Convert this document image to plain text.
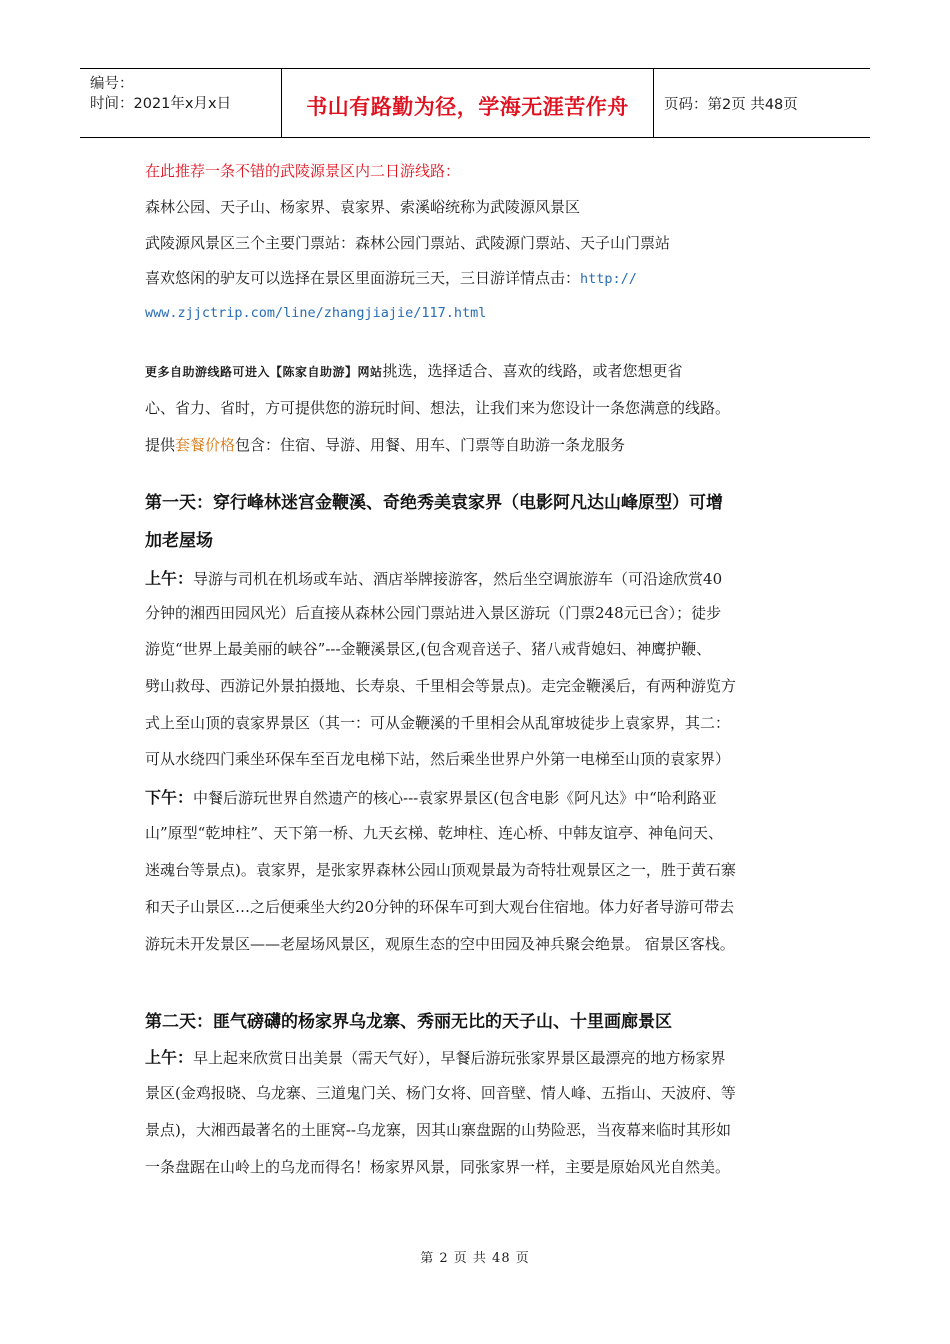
编号：
时间：2021年x月x日	书山有路勤为径，学海无涯苦作舟	页码：第2页 共48页
在此推荐一条不错的武陵源景区内二日游线路：
森林公园、天子山、杨家界、袁家界、索溪峪统称为武陵源风景区
武陵源风景区三个主要门票站：森林公园门票站、武陵源门票站、天子山门票站
喜欢悠闲的驴友可以选择在景区里面游玩三天，三日游详情点击：http://
www.zjjctrip.com/line/zhangjiajie/117.html
更多自助游线路可进入【陈家自助游】网站挑选，选择适合、喜欢的线路，或者您想更省
心、省力、省时，方可提供您的游玩时间、想法，让我们来为您设计一条您满意的线路。
提供套餐价格包含：住宿、导游、用餐、用车、门票等自助游一条龙服务
第一天：穿行峰林迷宫金鞭溪、奇绝秀美袁家界（电影阿凡达山峰原型）可增
加老屋场
上午：导游与司机在机场或车站、酒店举牌接游客，然后坐空调旅游车（可沿途欣赏40
分钟的湘西田园风光）后直接从森林公园门票站进入景区游玩（门票248元已含）；徒步
游览“世界上最美丽的峡谷”---金鞭溪景区,(包含观音送子、猪八戒背媳妇、神鹰护鞭、
劈山救母、西游记外景拍摄地、长寿泉、千里相会等景点)。走完金鞭溪后，有两种游览方
式上至山顶的袁家界景区（其一：可从金鞭溪的千里相会从乱窜坡徒步上袁家界，其二：
可从水绕四门乘坐环保车至百龙电梯下站，然后乘坐世界户外第一电梯至山顶的袁家界）
下午：中餐后游玩世界自然遗产的核心---袁家界景区(包含电影《阿凡达》中“哈利路亚
山”原型“乾坤柱”、天下第一桥、九天玄梯、乾坤柱、连心桥、中韩友谊亭、神龟问天、
迷魂台等景点)。袁家界，是张家界森林公园山顶观景最为奇特壮观景区之一，胜于黄石寨
和天子山景区…之后便乘坐大约20分钟的环保车可到大观台住宿地。体力好者导游可带去
游玩未开发景区——老屋场风景区，观原生态的空中田园及神兵聚会绝景。 宿景区客栈。
第二天：匪气磅礴的杨家界乌龙寨、秀丽无比的天子山、十里画廊景区
上午：早上起来欣赏日出美景（需天气好），早餐后游玩张家界景区最漂亮的地方杨家界
景区(金鸡报晓、乌龙寨、三道鬼门关、杨门女将、回音壁、情人峰、五指山、天波府、等
景点)，大湘西最著名的土匪窝--乌龙寨，因其山寨盘踞的山势险恶，当夜幕来临时其形如
一条盘踞在山岭上的乌龙而得名！杨家界风景，同张家界一样，主要是原始风光自然美。
第 2 页 共 48 页
